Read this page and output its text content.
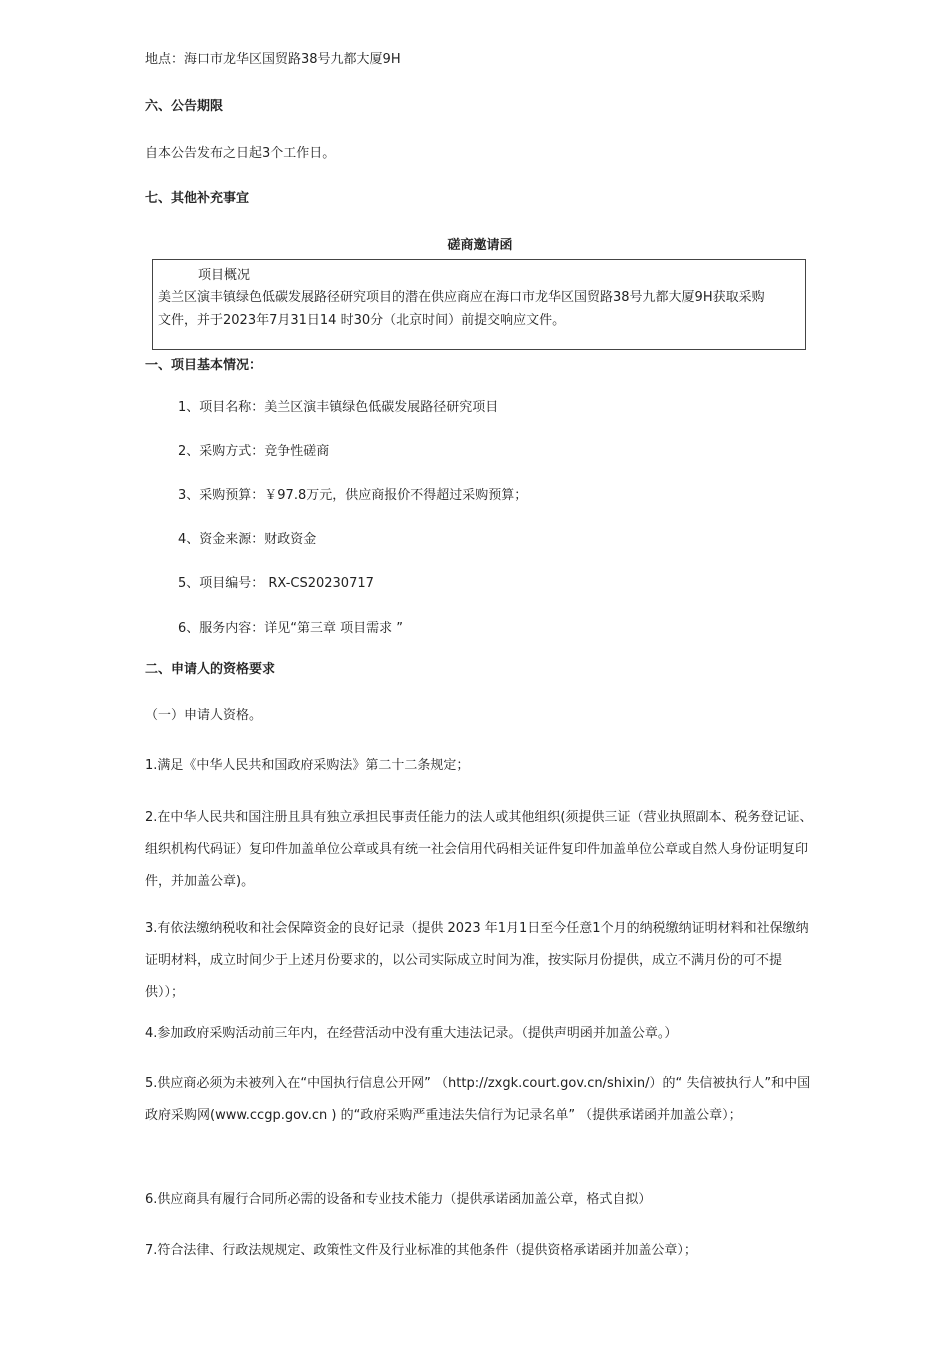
地点：海口市龙华区国贸路38号九都大厦9H
六、公告期限
自本公告发布之日起3个工作日。
七、其他补充事宜
磋商邀请函
项目概况
美兰区演丰镇绿色低碳发展路径研究项目的潜在供应商应在海口市龙华区国贸路38号九都大厦9H获取采购
文件，并于2023年7月31日14 时30分（北京时间）前提交响应文件。
一、项目基本情况：
1、项目名称：美兰区演丰镇绿色低碳发展路径研究项目
2、采购方式：竞争性磋商
3、采购预算：￥97.8万元，供应商报价不得超过采购预算；
4、资金来源：财政资金
5、项目编号： RX-CS20230717
6、服务内容：详见“第三章 项目需求 ”
二、申请人的资格要求
（一）申请人资格。
1.满足《中华人民共和国政府采购法》第二十二条规定；
2.在中华人民共和国注册且具有独立承担民事责任能力的法人或其他组织(须提供三证（营业执照副本、税务登记证、组织机构代码证）复印件加盖单位公章或具有统一社会信用代码相关证件复印件加盖单位公章或自然人身份证明复印件，并加盖公章)。
3.有依法缴纳税收和社会保障资金的良好记录（提供 2023 年1月1日至今任意1个月的纳税缴纳证明材料和社保缴纳证明材料，成立时间少于上述月份要求的，以公司实际成立时间为准，按实际月份提供，成立不满月份的可不提供））；
4.参加政府采购活动前三年内，在经营活动中没有重大违法记录。（提供声明函并加盖公章。）
5.供应商必须为未被列入在“中国执行信息公开网” （http://zxgk.court.gov.cn/shixin/）的“ 失信被执行人”和中国政府采购网(www.ccgp.gov.cn ) 的“政府采购严重违法失信行为记录名单” （提供承诺函并加盖公章）；
6.供应商具有履行合同所必需的设备和专业技术能力（提供承诺函加盖公章，格式自拟）
7.符合法律、行政法规规定、政策性文件及行业标准的其他条件（提供资格承诺函并加盖公章）；
